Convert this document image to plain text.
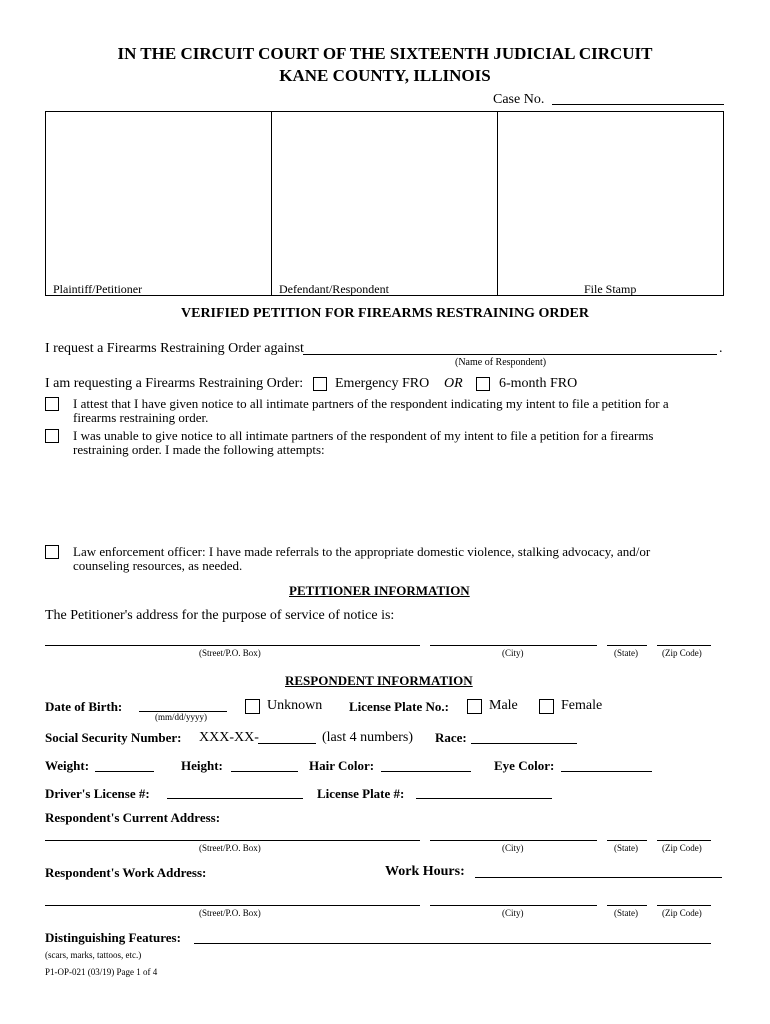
IN THE CIRCUIT COURT OF THE SIXTEENTH JUDICIAL CIRCUIT
KANE COUNTY, ILLINOIS
Case No.
Plaintiff/Petitioner	Defendant/Respondent	File Stamp
VERIFIED PETITION FOR FIREARMS RESTRAINING ORDER
I request a Firearms Restraining Order against	.
(Name of Respondent)
I am requesting a Firearms Restraining Order: Emergency FRO OR	6-month FRO
I attest that I have given notice to all intimate partners of the respondent indicating my intent to file a petition for a
firearms restraining order.
I was unable to give notice to all intimate partners of the respondent of my intent to file a petition for a firearms
restraining order. I made the following attempts:
Law enforcement officer: I have made referrals to the appropriate domestic violence, stalking advocacy, and/or
counseling resources, as needed.
PETITIONER INFORMATION
The Petitioner's address for the purpose of service of notice is:
(Street/P.O. Box)	(City)	(State)	(Zip Code)
RESPONDENT INFORMATION
Date of Birth:
(mm/dd/yyyy)
Unknown License Plate No.:	Male	Female
Social Security Number: XXX-XX-	(last 4 numbers) Race:
Weight:	Height:	Hair Color:	Eye Color:
Driver's License #:	License Plate #:
Respondent's Current Address:
(Street/P.O. Box)	(City)	(State)	(Zip Code)
Respondent's Work Address:	Work Hours:
(Street/P.O. Box)	(City)	(State)	(Zip Code)
Distinguishing Features:
(scars, marks, tattoos, etc.)
P1-OP-021 (03/19) Page 1 of 4
